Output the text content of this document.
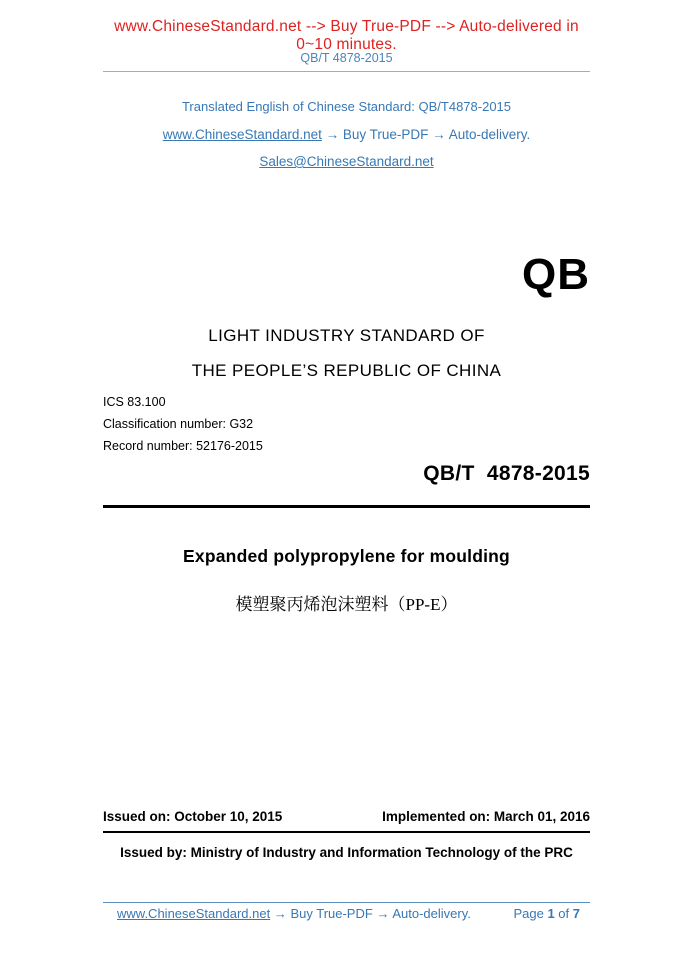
www.ChineseStandard.net --> Buy True-PDF --> Auto-delivered in 0~10 minutes.
QB/T 4878-2015
Translated English of Chinese Standard: QB/T4878-2015
www.ChineseStandard.net → Buy True-PDF → Auto-delivery.
Sales@ChineseStandard.net
QB
LIGHT INDUSTRY STANDARD OF
THE PEOPLE’S REPUBLIC OF CHINA
ICS 83.100
Classification number: G32
Record number: 52176-2015
QB/T  4878-2015
Expanded polypropylene for moulding
模塑聚丙烯泡沫塑料（PP-E）
Issued on: October 10, 2015	Implemented on: March 01, 2016
Issued by: Ministry of Industry and Information Technology of the PRC
www.ChineseStandard.net → Buy True-PDF → Auto-delivery.	Page 1 of 7
